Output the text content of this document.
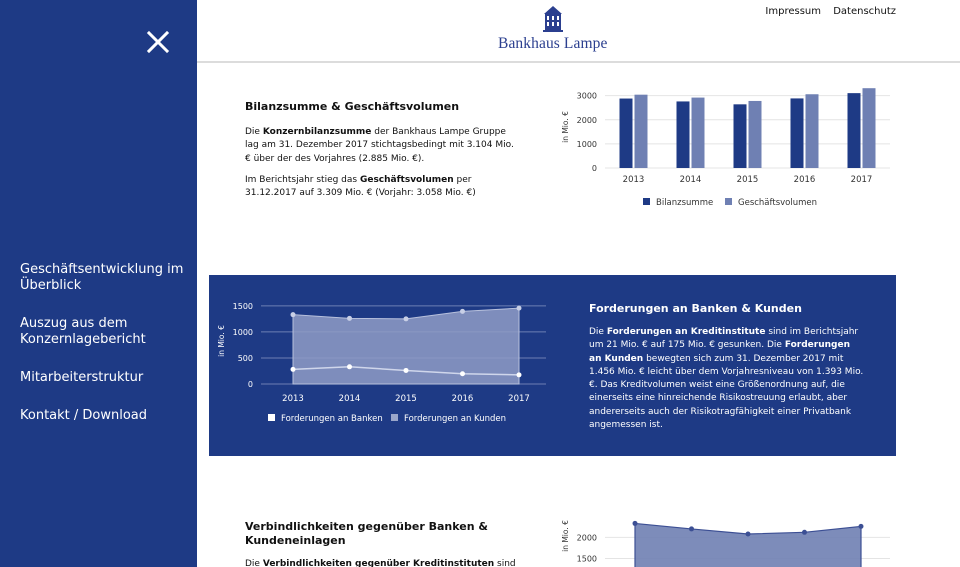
Geschäftsentwicklung im Überblick
Auszug aus dem Konzernlagebericht
Mitarbeiterstruktur
Kontakt / Download
Bankhaus Lampe
Impressum Datenschutz
Bilanzsumme & Geschäftsvolumen

Die Konzernbilanzsumme der Bankhaus Lampe Gruppe lag am 31. Dezember 2017 stichtagsbedingt mit 3.104 Mio. € über der des Vorjahres (2.885 Mio. €).

Im Berichtsjahr stieg das Geschäftsvolumen per 31.12.2017 auf 3.309 Mio. € (Vorjahr: 3.058 Mio. €)

0
1000
2000
3000
in Mio. €
2013	2014	2015	2016	2017
Bilanzsumme	Geschäftsvolumen
0
500
1000
1500
in Mio. €
2013	2014	2015	2016	2017
Forderungen an Banken	Forderungen an Kunden
Forderungen an Banken & Kunden

Die Forderungen an Kreditinstitute sind im Berichtsjahr um 21 Mio. € auf 175 Mio. € gesunken. Die Forderungen an Kunden bewegten sich zum 31. Dezember 2017 mit 1.456 Mio. € leicht über dem Vorjahresniveau von 1.393 Mio. €. Das Kreditvolumen weist eine Größenordnung auf, die einerseits eine hinreichende Risikostreuung erlaubt, aber andererseits auch der Risikotragfähigkeit einer Privatbank angemessen ist.

Verbindlichkeiten gegenüber Banken & Kundeneinlagen

Die Verbindlichkeiten gegenüber Kreditinstituten sind	1500
2000
in Mio. €
